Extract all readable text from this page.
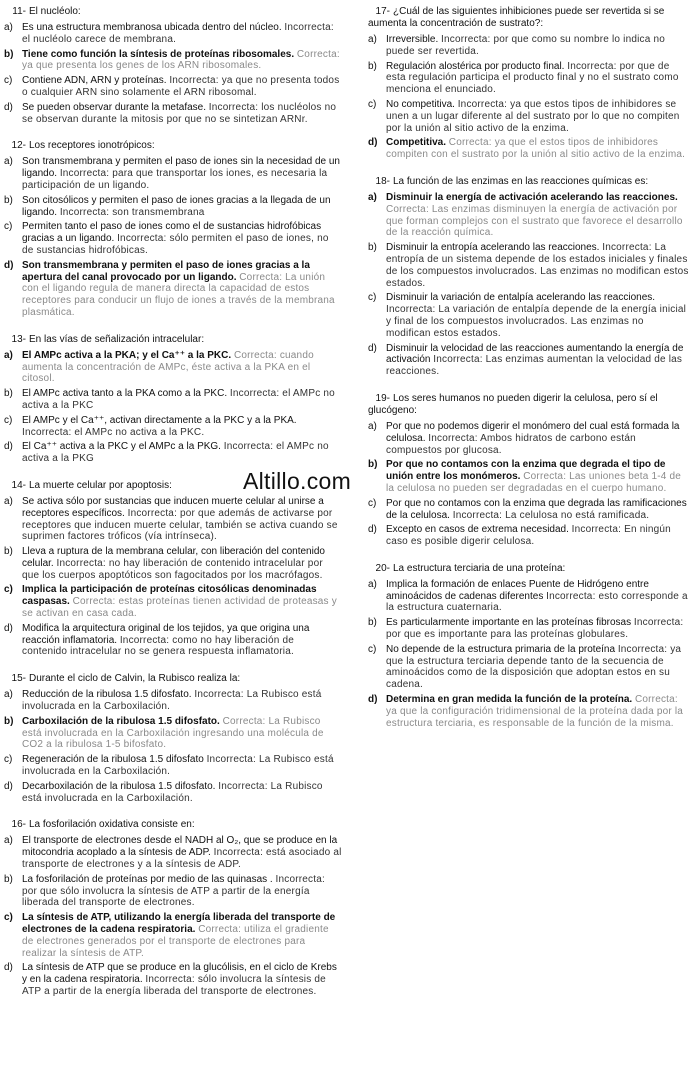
11- El nucléolo:
a) Es una estructura membranosa ubicada dentro del núcleo. Incorrecta: el nucléolo carece de membrana.
b) Tiene como función la síntesis de proteínas ribosomales. Correcta: ya que presenta los genes de los ARN ribosomales.
c) Contiene ADN, ARN y proteínas. Incorrecta: ya que no presenta todos o cualquier ARN sino solamente el ARN ribosomal.
d) Se pueden observar durante la metafase. Incorrecta: los nucléolos no se observan durante la mitosis por que no se sintetizan ARNr.
12- Los receptores ionotrópicos:
a) Son transmembrana y permiten el paso de iones sin la necesidad de un ligando. Incorrecta: para que transportar los iones, es necesaria la participación de un ligando.
b) Son citosólicos y permiten el paso de iones gracias a la llegada de un ligando. Incorrecta: son transmembrana
c) Permiten tanto el paso de iones como el de sustancias hidrofóbicas gracias a un ligando. Incorrecta: sólo permiten el paso de iones, no de sustancias hidrofóbicas.
d) Son transmembrana y permiten el paso de iones gracias a la apertura del canal provocado por un ligando. Correcta: La unión con el ligando regula de manera directa la capacidad de estos receptores para conducir un flujo de iones a través de la membrana plasmática.
13- En las vías de señalización intracelular:
a) El AMPc activa a la PKA; y el Ca⁺⁺ a la PKC. Correcta: cuando aumenta la concentración de AMPc, éste activa a la PKA en el citosol.
b) El AMPc activa tanto a la PKA como a la PKC. Incorrecta: el AMPc no activa a la PKC
c) El AMPc y el Ca⁺⁺, activan directamente a la PKC y a la PKA. Incorrecta: el AMPc no activa a la PKC.
d) El Ca⁺⁺ activa a la PKC y el AMPc a la PKG. Incorrecta: el AMPc no activa a la PKG
14- La muerte celular por apoptosis:
a) Se activa sólo por sustancias que inducen muerte celular al unirse a receptores específicos. Incorrecta: por que además de activarse por receptores que inducen muerte celular, también se activa cuando se suprimen factores tróficos (vía intrínseca).
b) Lleva a ruptura de la membrana celular, con liberación del contenido celular. Incorrecta: no hay liberación de contenido intracelular por que los cuerpos apoptóticos son fagocitados por los macrófagos.
c) Implica la participación de proteínas citosólicas denominadas caspasas. Correcta: estas proteínas tienen actividad de proteasas y se activan en casa cada.
d) Modifica la arquitectura original de los tejidos, ya que origina una reacción inflamatoria. Incorrecta: como no hay liberación de contenido intracelular no se genera respuesta inflamatoria.
15- Durante el ciclo de Calvin, la Rubisco realiza la:
a) Reducción de la ribulosa 1.5 difosfato. Incorrecta: La Rubisco está involucrada en la Carboxilación.
b) Carboxilación de la ribulosa 1.5 difosfato. Correcta: La Rubisco está involucrada en la Carboxilación ingresando una molécula de CO2 a la ribulosa 1-5 bifosfato.
c) Regeneración de la ribulosa 1.5 difosfato Incorrecta: La Rubisco está involucrada en la Carboxilación.
d) Decarboxilación de la ribulosa 1.5 difosfato. Incorrecta: La Rubisco está involucrada en la Carboxilación.
16- La fosforilación oxidativa consiste en:
a) El transporte de electrones desde el NADH al O₂, que se produce en la mitocondria acoplado a la síntesis de ADP. Incorrecta: está asociado al transporte de electrones y a la síntesis de ADP.
b) La fosforilación de proteínas por medio de las quinasas . Incorrecta: por que sólo involucra la síntesis de ATP a partir de la energía liberada del transporte de electrones.
c) La síntesis de ATP, utilizando la energía liberada del transporte de electrones de la cadena respiratoria. Correcta: utiliza el gradiente de electrones generados por el transporte de electrones para realizar la síntesis de ATP.
d) La síntesis de ATP que se produce en la glucólisis, en el ciclo de Krebs y en la cadena respiratoria. Incorrecta: sólo involucra la síntesis de ATP a partir de la energía liberada del transporte de electrones.
17- ¿Cuál de las siguientes inhibiciones puede ser revertida si se aumenta la concentración de sustrato?:
a) Irreversible. Incorrecta: por que como su nombre lo indica no puede ser revertida.
b) Regulación alostérica por producto final. Incorrecta: por que de esta regulación participa el producto final y no el sustrato como menciona el enunciado.
c) No competitiva. Incorrecta: ya que estos tipos de inhibidores se unen a un lugar diferente al del sustrato por lo que no compiten por la unión al sitio activo de la enzima.
d) Competitiva. Correcta: ya que el estos tipos de inhibidores compiten con el sustrato por la unión al sitio activo de la enzima.
18- La función de las enzimas en las reacciones químicas es:
a) Disminuir la energía de activación acelerando las reacciones. Correcta: Las enzimas disminuyen la energía de activación por que forman complejos con el sustrato que favorece el desarrollo de la reacción química.
b) Disminuir la entropía acelerando las reacciones. Incorrecta: La entropía de un sistema depende de los estados iniciales y finales de los compuestos involucrados. Las enzimas no modifican estos estados.
c) Disminuir la variación de entalpía acelerando las reacciones. Incorrecta: La variación de entalpía depende de la energía inicial y final de los compuestos involucrados. Las enzimas no modifican estos estados.
d) Disminuir la velocidad de las reacciones aumentando la energía de activación Incorrecta: Las enzimas aumentan la velocidad de las reacciones.
19- Los seres humanos no pueden digerir la celulosa, pero sí el glucógeno:
a) Por que no podemos digerir el monómero del cual está formada la celulosa. Incorrecta: Ambos hidratos de carbono están compuestos por glucosa.
b) Por que no contamos con la enzima que degrada el tipo de unión entre los monómeros. Correcta: Las uniones beta 1-4 de la celulosa no pueden ser degradadas en el cuerpo humano.
c) Por que no contamos con la enzima que degrada las ramificaciones de la celulosa. Incorrecta: La celulosa no está ramificada.
d) Excepto en casos de extrema necesidad. Incorrecta: En ningún caso es posible digerir celulosa.
20- La estructura terciaria de una proteína:
a) Implica la formación de enlaces Puente de Hidrógeno entre aminoácidos de cadenas diferentes Incorrecta: esto corresponde a la estructura cuaternaria.
b) Es particularmente importante en las proteínas fibrosas Incorrecta: por que es importante para las proteínas globulares.
c) No depende de la estructura primaria de la proteína Incorrecta: ya que la estructura terciaria depende tanto de la secuencia de aminoácidos como de la disposición que adoptan estos en su cadena.
d) Determina en gran medida la función de la proteína. Correcta: ya que la configuración tridimensional de la proteína dada por la estructura terciaria, es responsable de la función de la misma.
Altillo.com
